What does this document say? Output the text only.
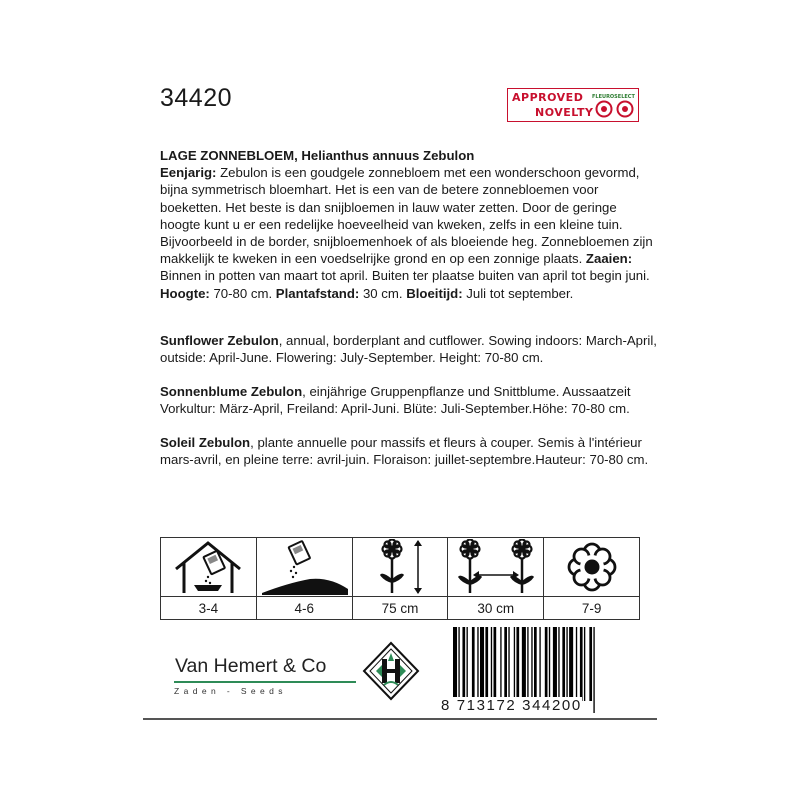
34420	APPROVED
NOVELTY
FLEUROSELECT
LAGE ZONNEBLOEM, Helianthus annuus Zebulon
Eenjarig: Zebulon is een goudgele zonnebloem met een wonderschoon gevormd,
bijna symmetrisch bloemhart. Het is een van de betere zonnebloemen voor
boeketten. Het beste is dan snijbloemen in lauw water zetten. Door de geringe
hoogte kunt u er een redelijke hoeveelheid van kweken, zelfs in een kleine tuin.
Bijvoorbeeld in de border, snijbloemenhoek of als bloeiende heg. Zonnebloemen zijn
makkelijk te kweken in een voedselrijke grond en op een zonnige plaats. Zaaien:
Binnen in potten van maart tot april. Buiten ter plaatse buiten van april tot begin juni.
Hoogte: 70-80 cm. Plantafstand: 30 cm. Bloeitijd: Juli tot september.
Sunflower Zebulon, annual, borderplant and cutflower. Sowing indoors: March-April,
outside: April-June. Flowering: July-September. Height: 70-80 cm.
Sonnenblume Zebulon, einjährige Gruppenpflanze und Snittblume. Aussaatzeit
Vorkultur: März-April, Freiland: April-Juni. Blüte: Juli-September.Höhe: 70-80 cm.
Soleil Zebulon, plante annuelle pour massifs et fleurs à couper. Semis à l'intérieur
mars-avril, en pleine terre: avril-juin. Floraison: juillet-septembre.Hauteur: 70-80 cm.
3-4	4-6	75 cm	30 cm	7-9
Van Hemert & Co
Zaden - Seeds
8 713172 344200
